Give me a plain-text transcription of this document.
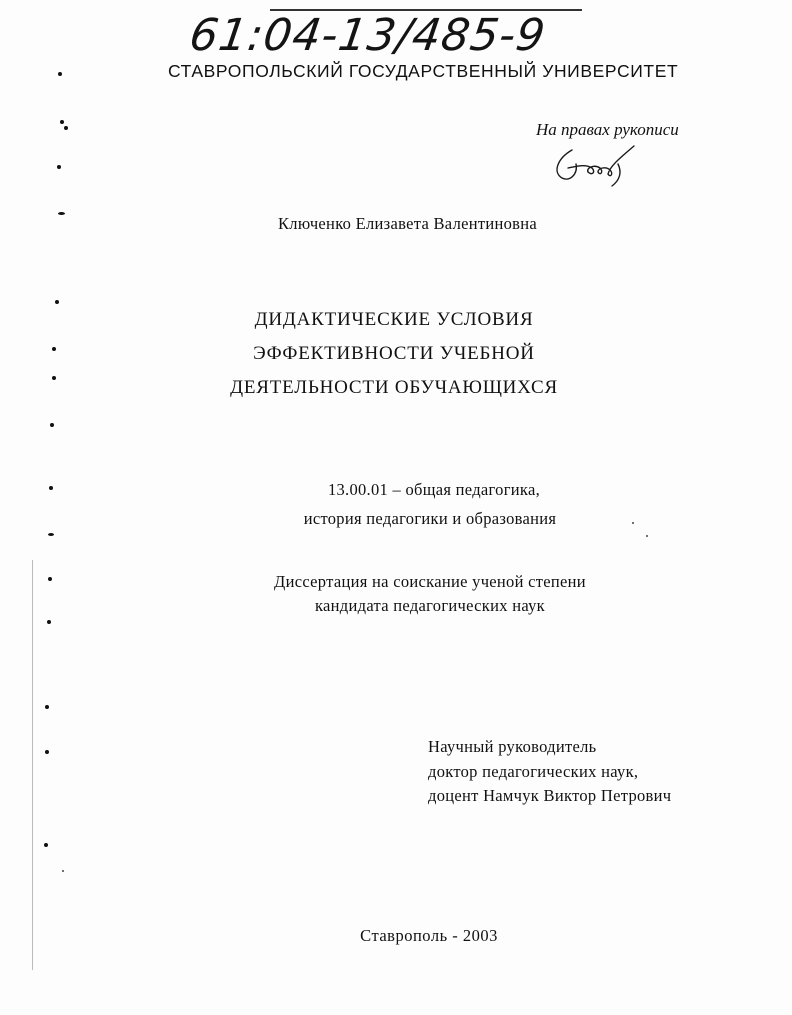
61:04-13/485-9
СТАВРОПОЛЬСКИЙ ГОСУДАРСТВЕННЫЙ УНИВЕРСИТЕТ
На правах рукописи
Ключенко Елизавета Валентиновна
ДИДАКТИЧЕСКИЕ УСЛОВИЯ
ЭФФЕКТИВНОСТИ УЧЕБНОЙ
ДЕЯТЕЛЬНОСТИ ОБУЧАЮЩИХСЯ
13.00.01 – общая педагогика,
история педагогики и образования
Диссертация на соискание ученой степени
кандидата педагогических наук
Научный руководитель
доктор педагогических наук,
доцент Намчук Виктор Петрович
Ставрополь - 2003
